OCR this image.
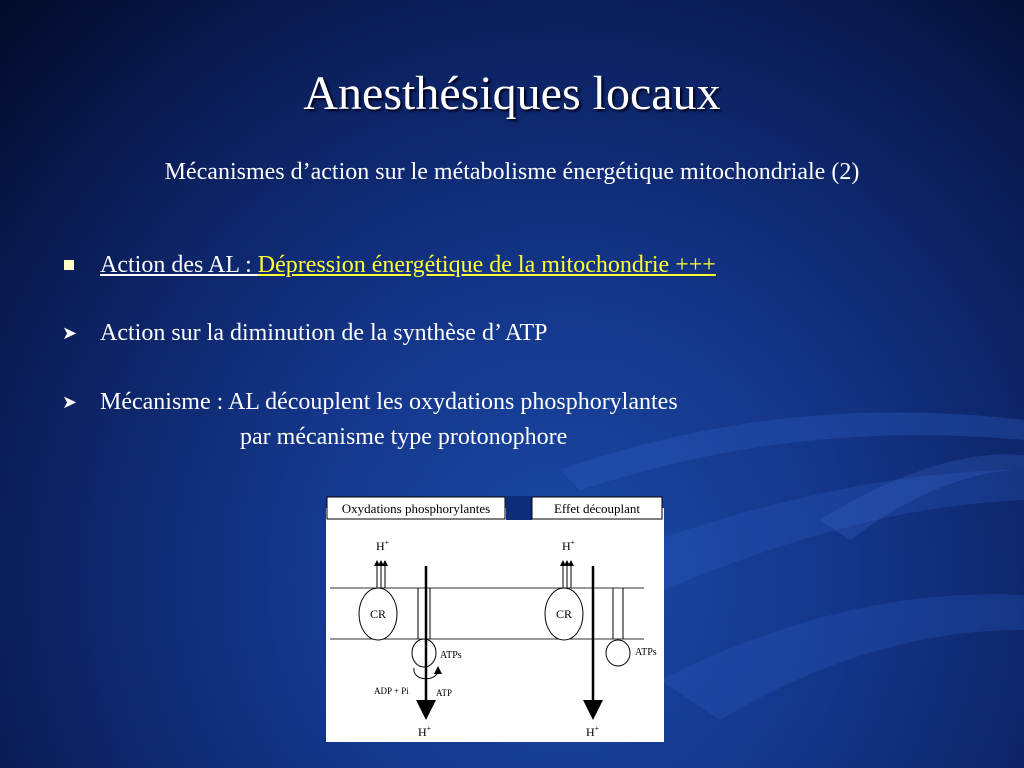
Anesthésiques locaux
Mécanismes d’action sur le métabolisme énergétique mitochondriale (2)
Action des AL : Dépression énergétique de la mitochondrie +++
➤ Action sur la diminution de la synthèse d’ ATP
➤ Mécanisme : AL découplent les oxydations phosphorylantes
par mécanisme type protonophore
Oxydations phosphorylantes	Effet découplant
H+
CR
ATPs
ADP + Pi	ATP
H+
H+
CR
ATPs
H+
